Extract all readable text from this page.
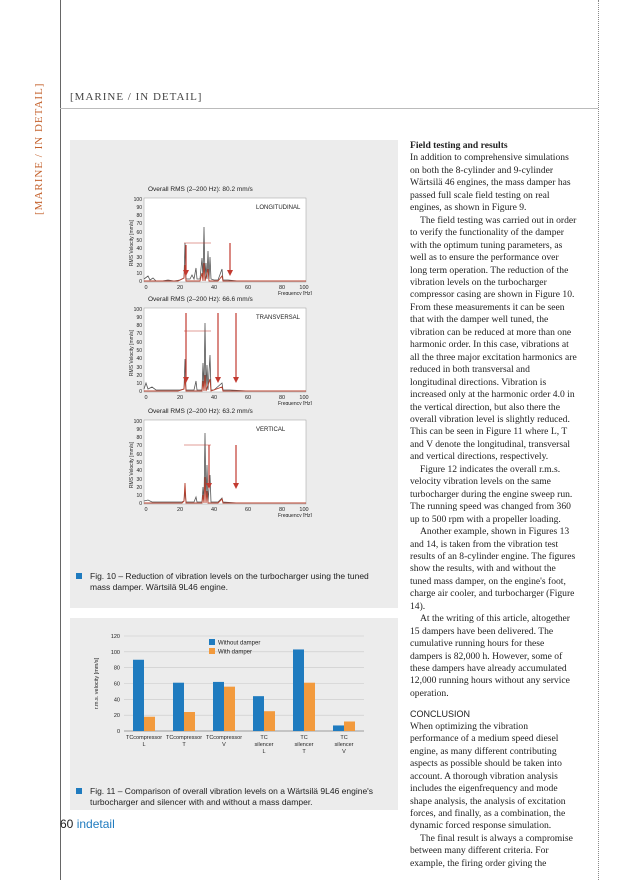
[MARINE / IN DETAIL]
[MARINE / IN DETAIL]	Overall RMS (2–200 Hz): 80.2 mm/s
LONGITUDINAL
RMS Velocity [mm/s]
0
10
20
30
40
50
60
70
80
90
100
0	20	40	60	80	100
Frequency [Hz]
Overall RMS (2–200 Hz): 66.6 mm/s
TRANSVERSAL
RMS Velocity [mm/s]
0
10
20
30
40
50
60
70
80
90
100
0	20	40	60	80	100
Frequency [Hz]
Overall RMS (2–200 Hz): 63.2 mm/s
VERTICAL
RMS Velocity [mm/s]
0
10
20
30
40
50
60
70
80
90
100
0	20	40	60	80	100
Frequency [Hz]
Fig. 10 – Reduction of vibration levels on the turbocharger using the tuned mass damper. Wärtsilä 9L46 engine.
0
20
40
60
80
100
120
TCcompressor
L
TCcompressor
T
TCcompressor
V
TC
silencer
L
TC
silencer
T
TC
silencer
V
r.m.s. velocity [mm/s]
Without damper
With damper
Fig. 11 – Comparison of overall vibration levels on a Wärtsilä 9L46 engine's turbocharger and silencer with and without a mass damper.

Field testing and results

In addition to comprehensive simulations on both the 8-cylinder and 9-cylinder Wärtsilä 46 engines, the mass damper has passed full scale field testing on real engines, as shown in Figure 9.

The field testing was carried out in order to verify the functionality of the damper with the optimum tuning parameters, as well as to ensure the performance over long term operation. The reduction of the vibration levels on the turbocharger compressor casing are shown in Figure 10. From these measurements it can be seen that with the damper well tuned, the vibration can be reduced at more than one harmonic order. In this case, vibrations at all the three major excitation harmonics are reduced in both transversal and longitudinal directions. Vibration is increased only at the harmonic order 4.0 in the vertical direction, but also there the overall vibration level is slightly reduced. This can be seen in Figure 11 where L, T and V denote the longitudinal, transversal and vertical directions, respectively.

Figure 12 indicates the overall r.m.s. velocity vibration levels on the same turbocharger during the engine sweep run. The running speed was changed from 360 up to 500 rpm with a propeller loading.

Another example, shown in Figures 13 and 14, is taken from the vibration test results of an 8-cylinder engine. The figures show the results, with and without the tuned mass damper, on the engine's foot, charge air cooler, and turbocharger (Figure 14).

At the writing of this article, altogether 15 dampers have been delivered. The cumulative running hours for these dampers is 82,000 h. However, some of these dampers have already accumulated 12,000 running hours without any service operation.

CONCLUSION

When optimizing the vibration performance of a medium speed diesel engine, as many different contributing aspects as possible should be taken into account. A thorough vibration analysis includes the eigenfrequency and mode shape analysis, the analysis of excitation forces, and finally, as a combination, the dynamic forced response simulation.

The final result is always a compromise between many different criteria. For example, the firing order giving the

60 indetail
